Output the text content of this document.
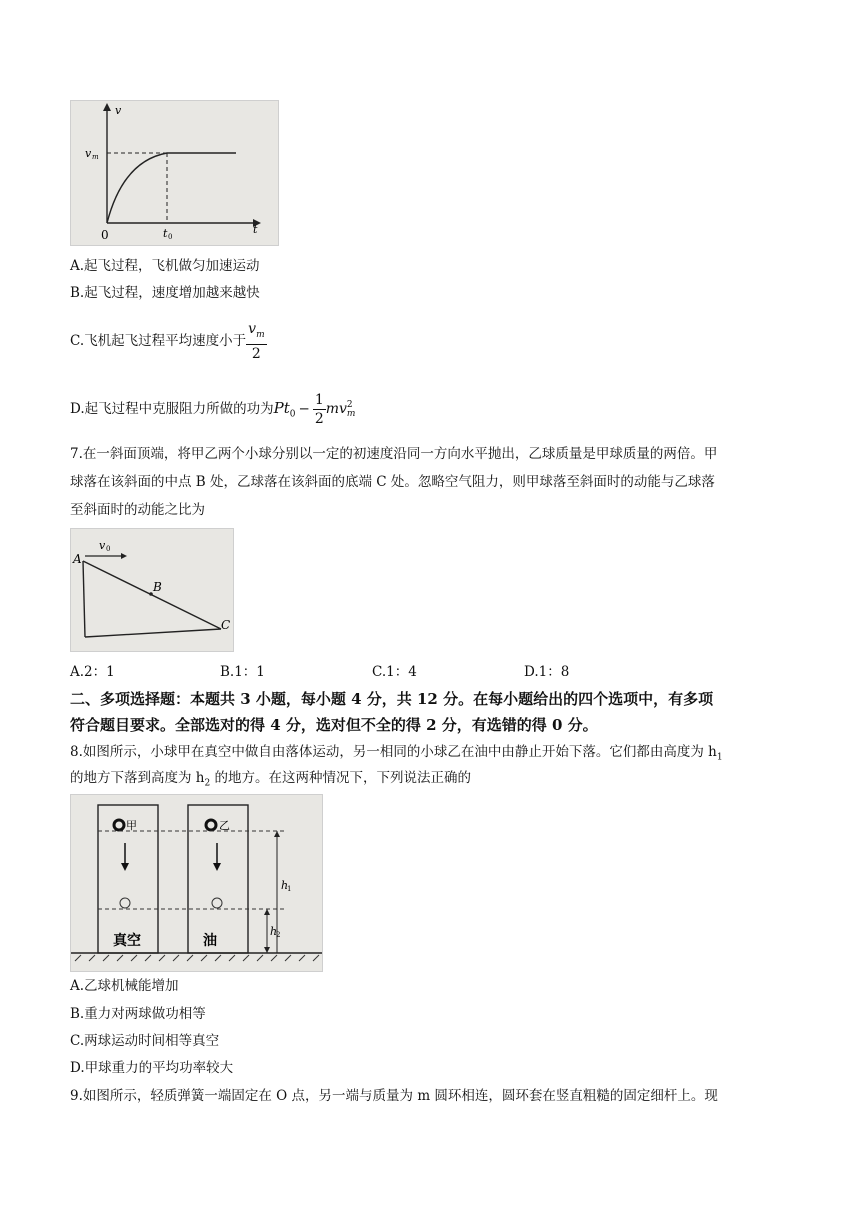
v
t
0
v m
t 0
A.起飞过程，飞机做匀加速运动
B.起飞过程，速度增加越来越快
C.飞机起飞过程平均速度小于 $\frac{v_m}{2}$
D.起飞过程中克服阻力所做的功为$Pt_0 - \frac{1}{2}$ mv 2
m
7.在一斜面顶端，将甲乙两个小球分别以一定的初速度沿同一方向水平抛出，乙球质量是甲球质量的两倍。甲
球落在该斜面的中点 B 处，乙球落在该斜面的底端 C 处。忽略空气阻力，则甲球落至斜面时的动能与乙球落
至斜面时的动能之比为
A
B
C
v 0
A.2：1	B.1：1	C.1：4	D.1：8
二、多项选择题：本题共 3 小题，每小题 4 分，共 12 分。在每小题给出的四个选项中，有多项
符合题目要求。全部选对的得 4 分，选对但不全的得 2 分，有选错的得 0 分。
8.如图所示，小球甲在真空中做自由落体运动，另一相同的小球乙在油中由静止开始下落。它们都由高度为 $h_1$
的地方下落到高度为 $h_2$ 的地方。在这两种情况下，下列说法正确的
甲	乙
h
1
h
2
真空	油
A.乙球机械能增加
B.重力对两球做功相等
C.两球运动时间相等真空
D.甲球重力的平均功率较大
9.如图所示，轻质弹簧一端固定在 O 点，另一端与质量为 m 圆环相连，圆环套在竖直粗糙的固定细杆上。现
